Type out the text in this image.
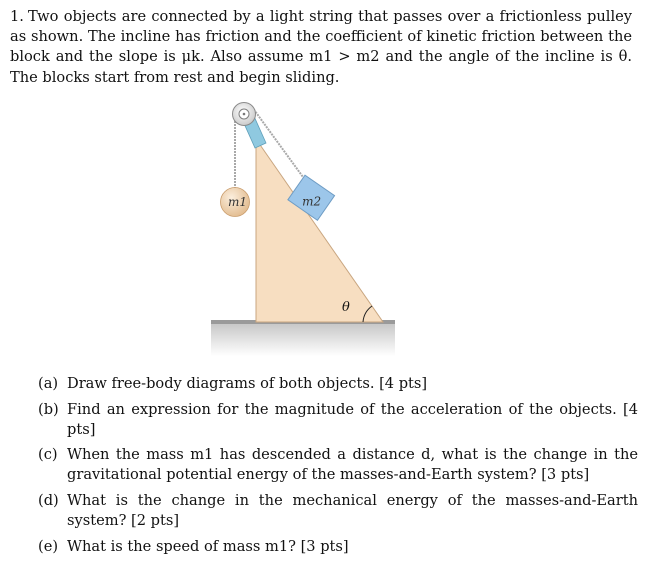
1. Two objects are connected by a light string that passes over a frictionless pulley as shown. The incline has friction and the coefficient of kinetic friction between the block and the slope is μk. Also assume m1 > m2 and the angle of the incline is θ. The blocks start from rest and begin sliding.
m1	m2
θ
(a) Draw free-body diagrams of both objects. [4 pts]
(b) Find an expression for the magnitude of the acceleration of the objects. [4 pts]
(c) When the mass m1 has descended a distance d, what is the change in the gravitational potential energy of the masses-and-Earth system? [3 pts]
(d) What is the change in the mechanical energy of the masses-and-Earth system? [2 pts]
(e) What is the speed of mass m1? [3 pts]
